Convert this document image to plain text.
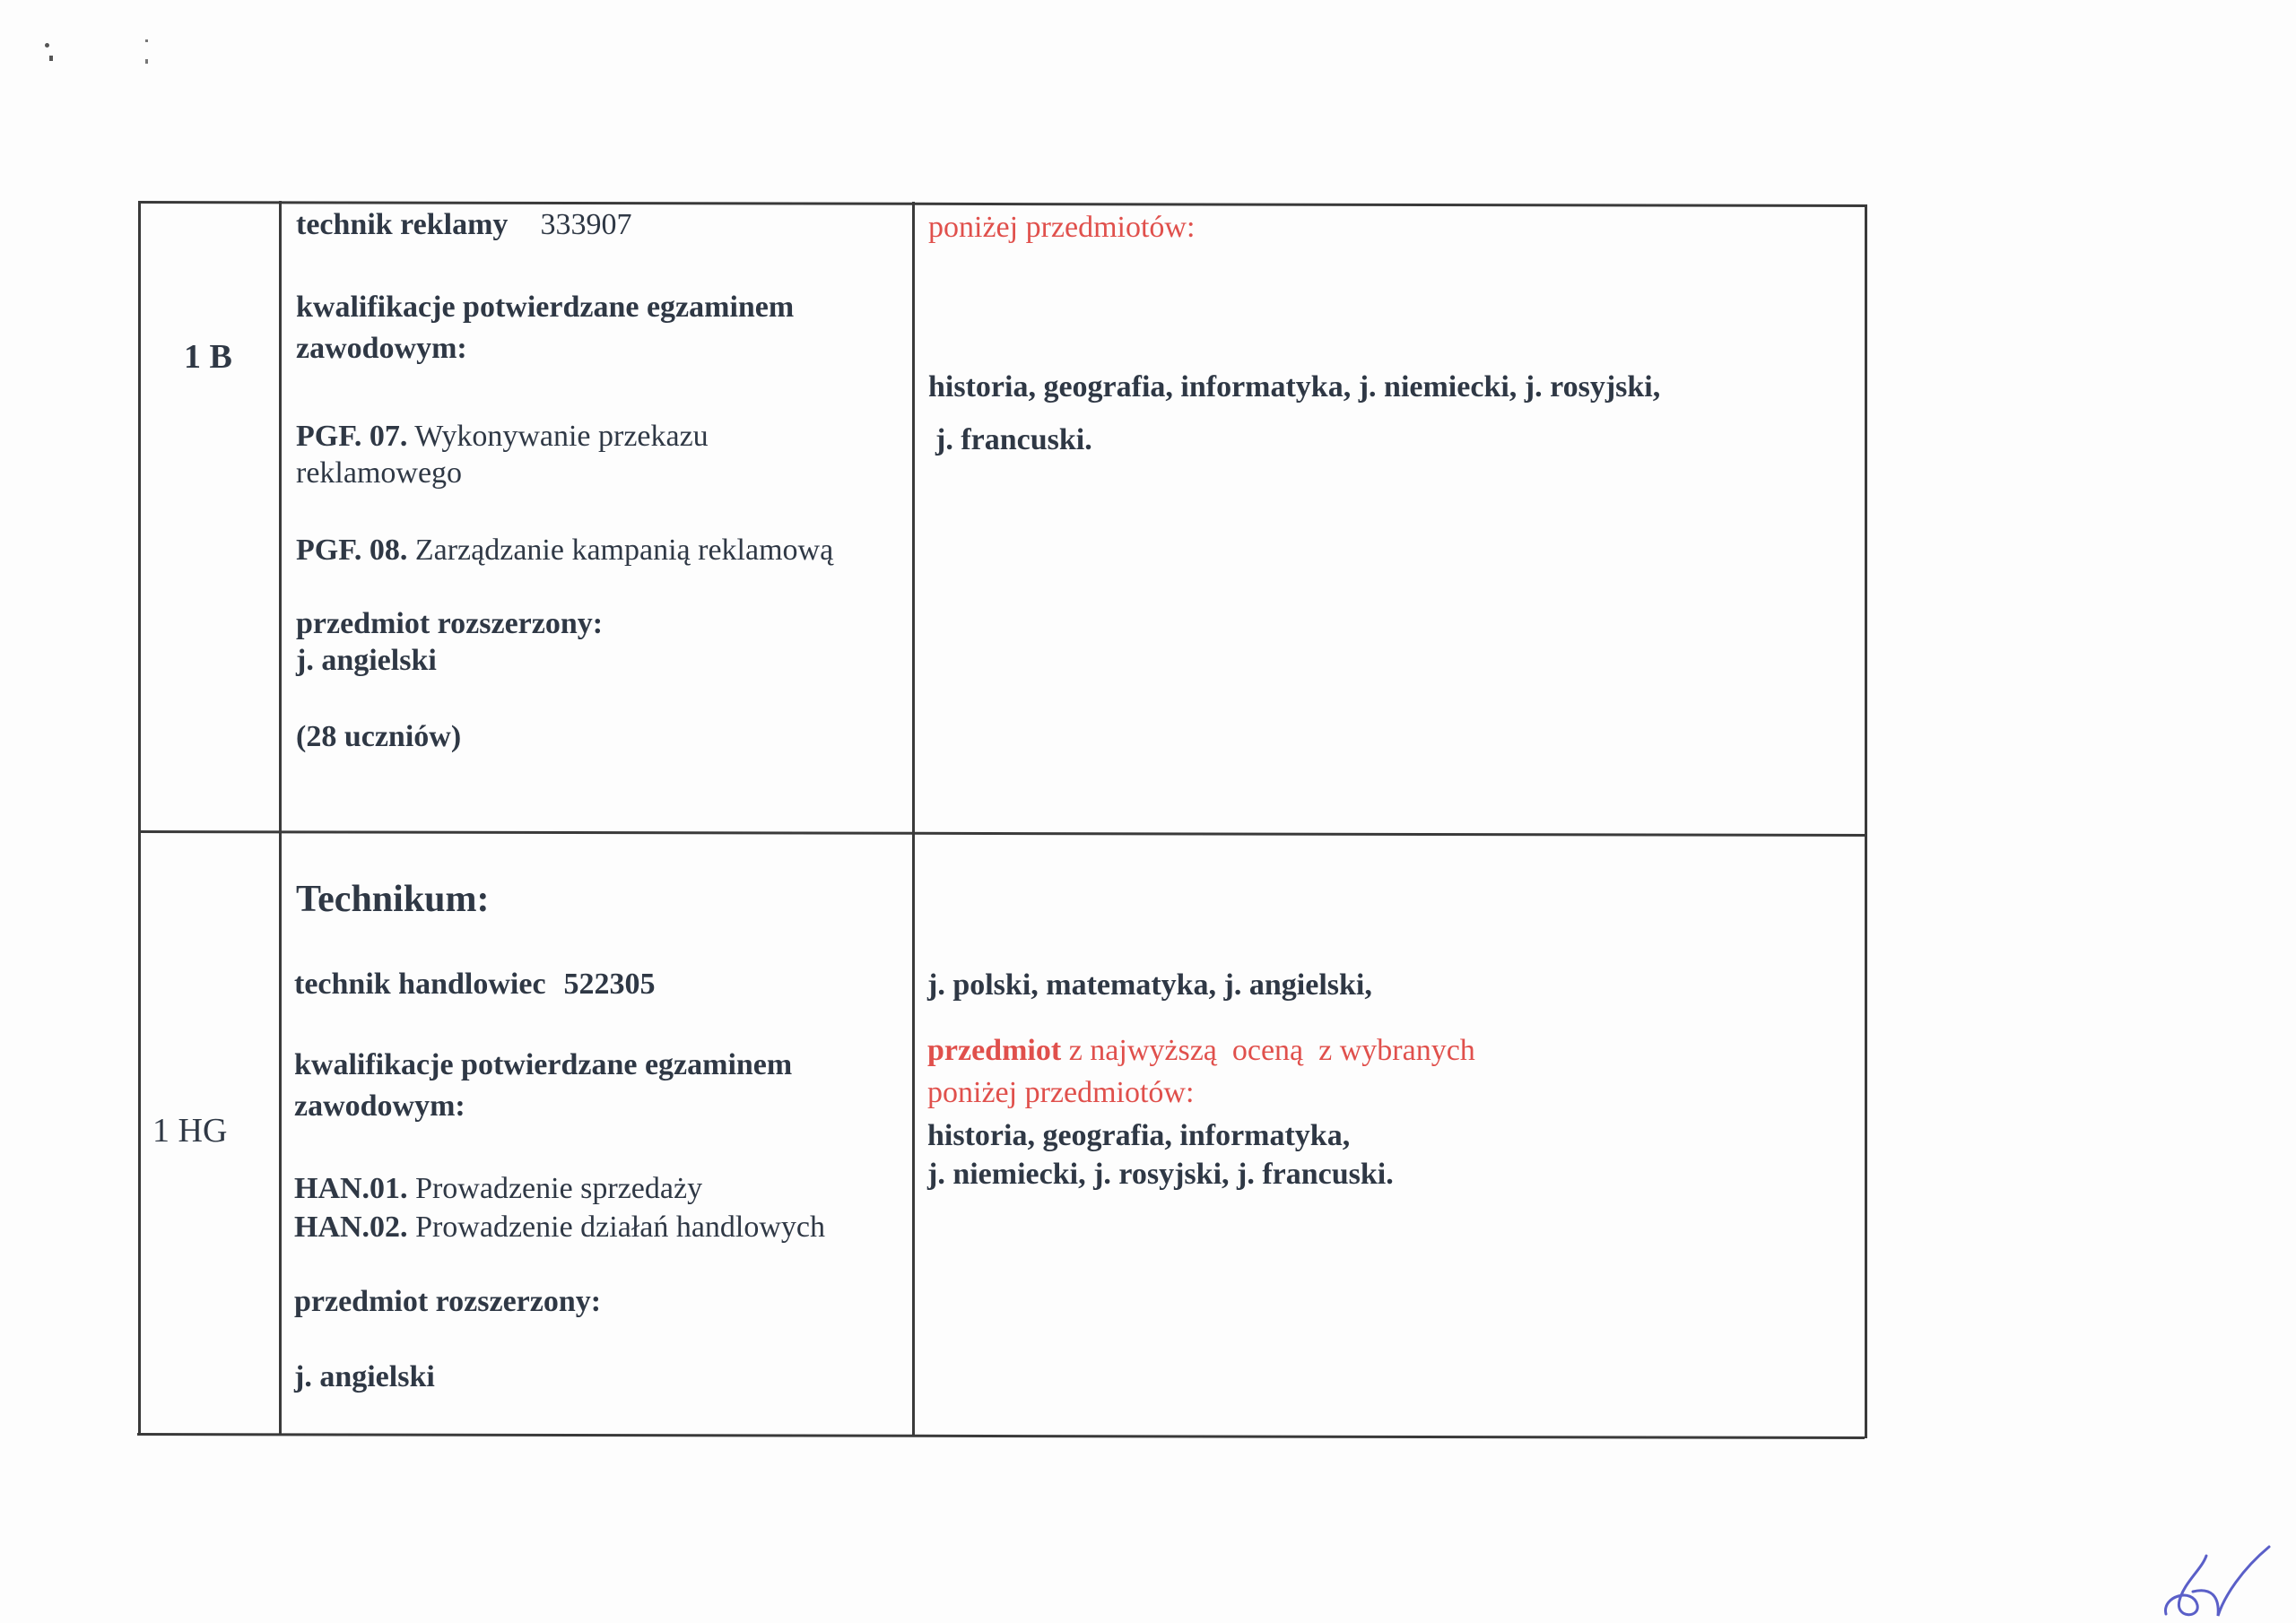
1 B
technik reklamy 333907
kwalifikacje potwierdzane egzaminem
zawodowym:
PGF. 07. Wykonywanie przekazu
reklamowego
PGF. 08. Zarządzanie kampanią reklamową
przedmiot rozszerzony:
j. angielski
(28 uczniów)
poniżej przedmiotów:
historia, geografia, informatyka, j. niemiecki, j. rosyjski,
j. francuski.
1 HG
Technikum:
technik handlowiec 522305
kwalifikacje potwierdzane egzaminem
zawodowym:
HAN.01. Prowadzenie sprzedaży
HAN.02. Prowadzenie działań handlowych
przedmiot rozszerzony:
j. angielski
j. polski, matematyka, j. angielski,
przedmiot z najwyższą  oceną  z wybranych
poniżej przedmiotów:
historia, geografia, informatyka,
j. niemiecki, j. rosyjski, j. francuski.
